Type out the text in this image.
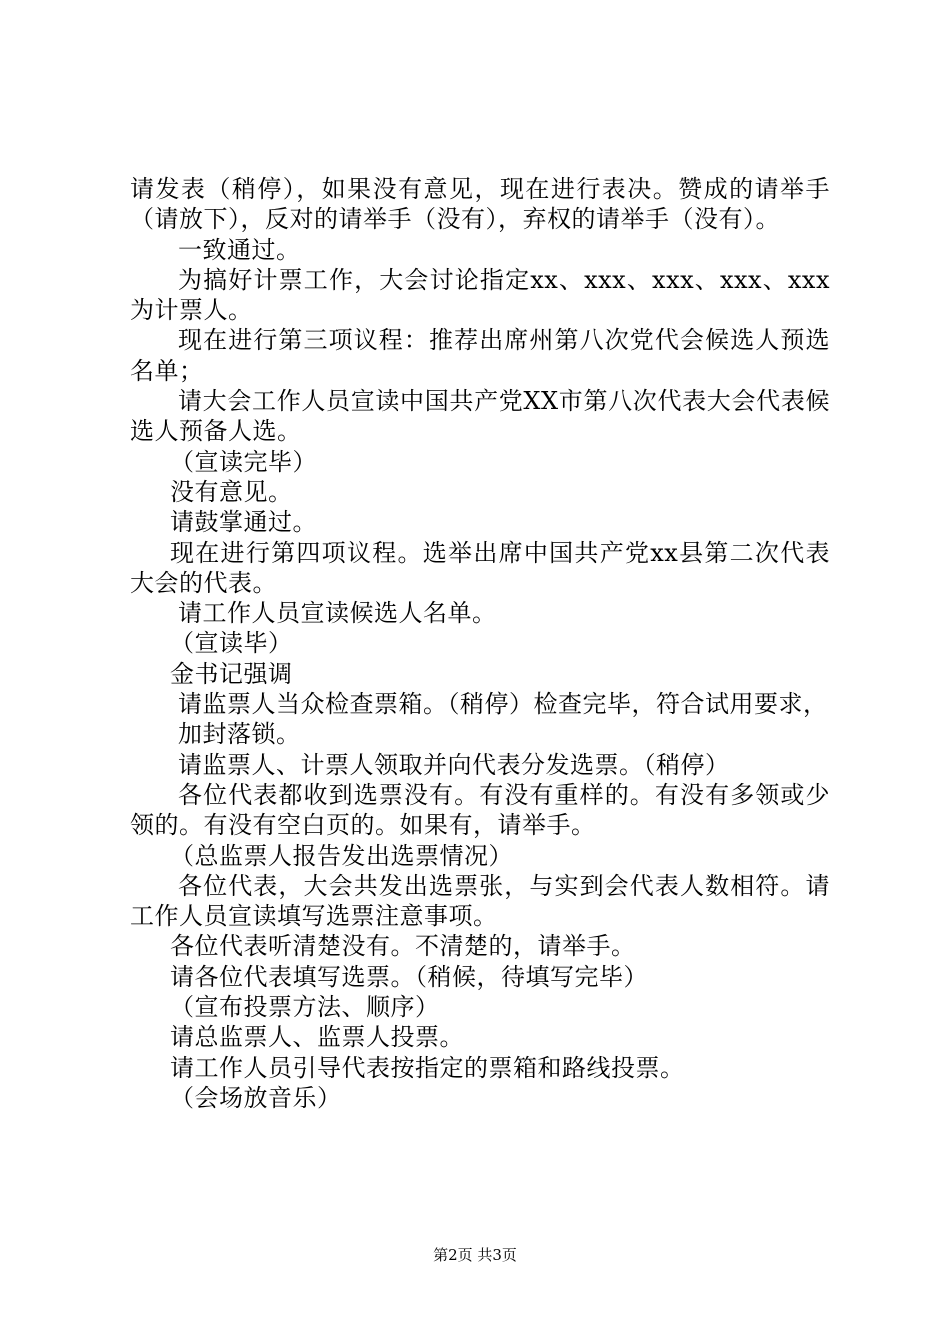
请发表（稍停），如果没有意见，现在进行表决。赞成的请举手（请放下），反对的请举手（没有），弃权的请举手（没有）。

一致通过。

为搞好计票工作，大会讨论指定xx、xxx、xxx、xxx、xxx为计票人。

现在进行第三项议程：推荐出席州第八次党代会候选人预选名单；

请大会工作人员宣读中国共产党XX市第八次代表大会代表候选人预备人选。

（宣读完毕）

没有意见。

请鼓掌通过。

现在进行第四项议程。选举出席中国共产党xx县第二次代表大会的代表。

请工作人员宣读候选人名单。

（宣读毕）

金书记强调

请监票人当众检查票箱。（稍停）检查完毕，符合试用要求，

加封落锁。

请监票人、计票人领取并向代表分发选票。（稍停）

各位代表都收到选票没有。有没有重样的。有没有多领或少领的。有没有空白页的。如果有，请举手。

（总监票人报告发出选票情况）

各位代表，大会共发出选票张，与实到会代表人数相符。请工作人员宣读填写选票注意事项。

各位代表听清楚没有。不清楚的，请举手。

请各位代表填写选票。（稍候，待填写完毕）

（宣布投票方法、顺序）

请总监票人、监票人投票。

请工作人员引导代表按指定的票箱和路线投票。

（会场放音乐）

第2页 共3页
